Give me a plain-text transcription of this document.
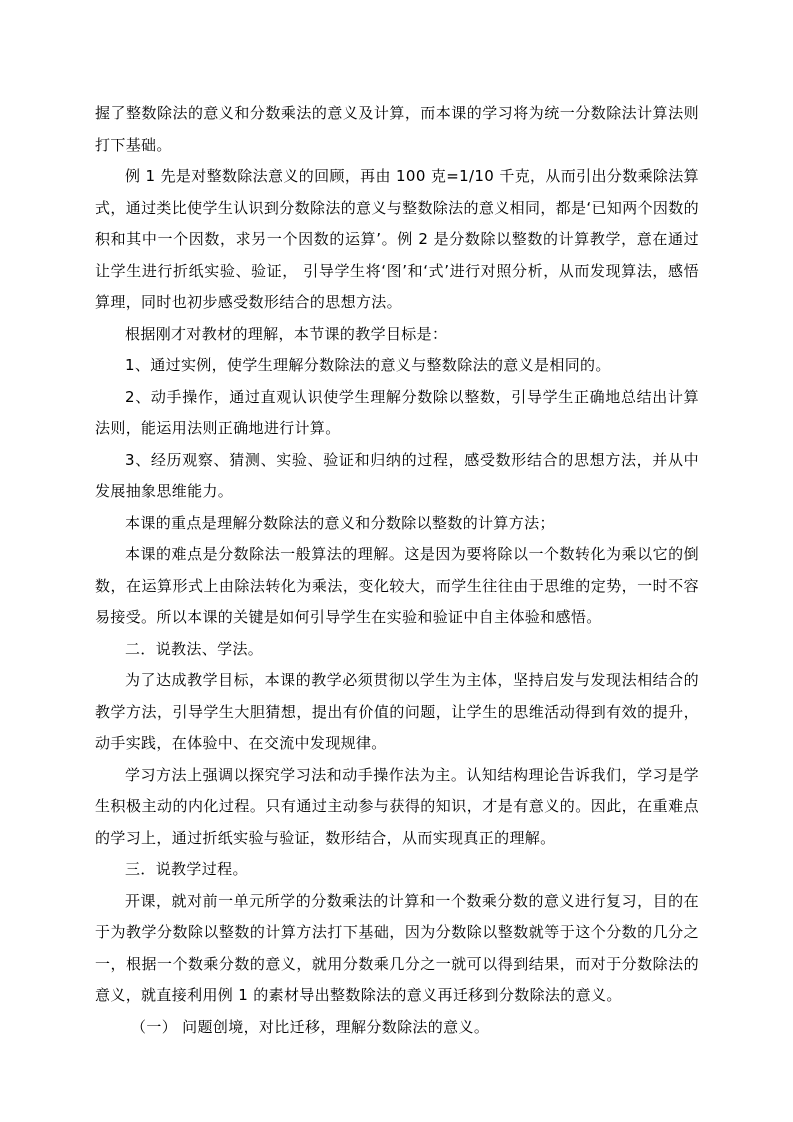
握了整数除法的意义和分数乘法的意义及计算，而本课的学习将为统一分数除法计算法则打下基础。

例 1 先是对整数除法意义的回顾，再由 100 克=1/10 千克，从而引出分数乘除法算式，通过类比使学生认识到分数除法的意义与整数除法的意义相同，都是‘已知两个因数的积和其中一个因数，求另一个因数的运算’。例 2 是分数除以整数的计算教学，意在通过让学生进行折纸实验、验证， 引导学生将‘图’和‘式’进行对照分析，从而发现算法，感悟算理，同时也初步感受数形结合的思想方法。

根据刚才对教材的理解，本节课的教学目标是：

1、通过实例，使学生理解分数除法的意义与整数除法的意义是相同的。

2、动手操作，通过直观认识使学生理解分数除以整数，引导学生正确地总结出计算法则，能运用法则正确地进行计算。

3、经历观察、猜测、实验、验证和归纳的过程，感受数形结合的思想方法，并从中发展抽象思维能力。

本课的重点是理解分数除法的意义和分数除以整数的计算方法；

本课的难点是分数除法一般算法的理解。这是因为要将除以一个数转化为乘以它的倒数，在运算形式上由除法转化为乘法，变化较大，而学生往往由于思维的定势，一时不容易接受。所以本课的关键是如何引导学生在实验和验证中自主体验和感悟。

二．说教法、学法。

为了达成教学目标，本课的教学必须贯彻以学生为主体，坚持启发与发现法相结合的教学方法，引导学生大胆猜想，提出有价值的问题，让学生的思维活动得到有效的提升，动手实践，在体验中、在交流中发现规律。

学习方法上强调以探究学习法和动手操作法为主。认知结构理论告诉我们，学习是学生积极主动的内化过程。只有通过主动参与获得的知识，才是有意义的。因此，在重难点的学习上，通过折纸实验与验证，数形结合，从而实现真正的理解。

三．说教学过程。

开课，就对前一单元所学的分数乘法的计算和一个数乘分数的意义进行复习，目的在于为教学分数除以整数的计算方法打下基础，因为分数除以整数就等于这个分数的几分之一，根据一个数乘分数的意义，就用分数乘几分之一就可以得到结果，而对于分数除法的意义，就直接利用例 1 的素材导出整数除法的意义再迁移到分数除法的意义。

（一） 问题创境，对比迁移，理解分数除法的意义。
